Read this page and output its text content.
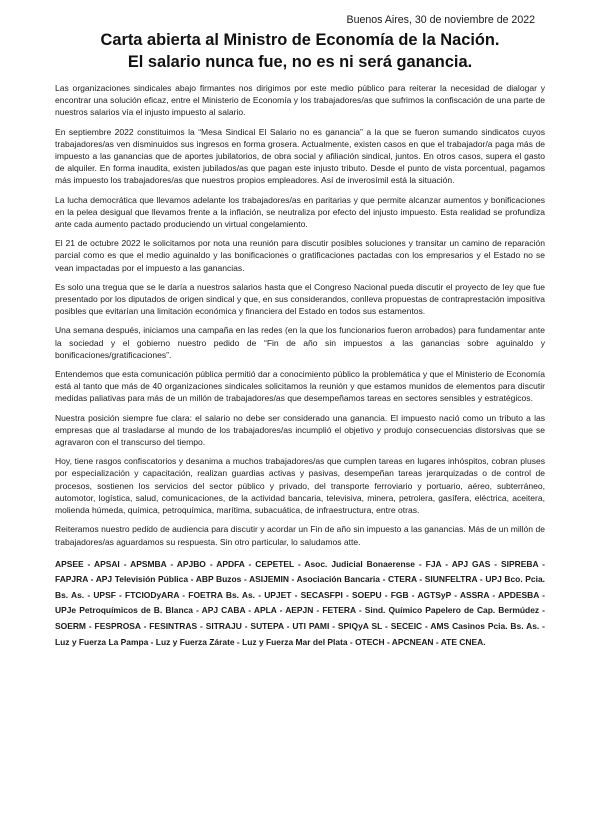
Buenos Aires, 30 de noviembre de 2022
Carta abierta al Ministro de Economía de la Nación.
El salario nunca fue, no es ni será ganancia.

Las organizaciones sindicales abajo firmantes nos dirigimos por este medio público para reiterar la necesidad de dialogar y encontrar una solución eficaz, entre el Ministerio de Economía y los trabajadores/as que sufrimos la confiscación de una parte de nuestros salarios vía el injusto impuesto al salario.

En septiembre 2022 constituimos la “Mesa Sindical El Salario no es ganancia” a la que se fueron sumando sindicatos cuyos trabajadores/as ven disminuidos sus ingresos en forma grosera. Actualmente, existen casos en que el trabajador/a paga más de impuesto a las ganancias que de aportes jubilatorios, de obra social y afiliación sindical, juntos. En otros casos, supera el gasto de alquiler. En forma inaudita, existen jubilados/as que pagan este injusto tributo. Desde el punto de vista porcentual, pagamos más impuesto los trabajadores/as que nuestros propios empleadores. Así de inverosímil está la situación.

La lucha democrática que llevamos adelante los trabajadores/as en paritarias y que permite alcanzar aumentos y bonificaciones en la pelea desigual que llevamos frente a la inflación, se neutraliza por efecto del injusto impuesto. Esta realidad se profundiza ante cada aumento pactado produciendo un virtual congelamiento.

El 21 de octubre 2022 le solicitamos por nota una reunión para discutir posibles soluciones y transitar un camino de reparación parcial como es que el medio aguinaldo y las bonificaciones o gratificaciones pactadas con los empresarios y el Estado no se vean impactadas por el impuesto a las ganancias.

Es solo una tregua que se le daría a nuestros salarios hasta que el Congreso Nacional pueda discutir el proyecto de ley que fue presentado por los diputados de origen sindical y que, en sus considerandos, conlleva propuestas de contraprestación impositiva posibles que evitarían una limitación económica y financiera del Estado en todos sus estamentos.

Una semana después, iniciamos una campaña en las redes (en la que los funcionarios fueron arrobados) para fundamentar ante la sociedad y el gobierno nuestro pedido de “Fin de año sin impuestos a las ganancias sobre aguinaldo y bonificaciones/gratificaciones”.

Entendemos que esta comunicación pública permitió dar a conocimiento público la problemática y que el Ministerio de Economía está al tanto que más de 40 organizaciones sindicales solicitamos la reunión y que estamos munidos de elementos para discutir medidas paliativas para más de un millón de trabajadores/as que desempeñamos tareas en sectores sensibles y estratégicos.

Nuestra posición siempre fue clara: el salario no debe ser considerado una ganancia. El impuesto nació como un tributo a las empresas que al trasladarse al mundo de los trabajadores/as incumplió el objetivo y produjo consecuencias distorsivas que se agravaron con el transcurso del tiempo.

Hoy, tiene rasgos confiscatorios y desanima a muchos trabajadores/as que cumplen tareas en lugares inhóspitos, cobran pluses por especialización y capacitación, realizan guardias activas y pasivas, desempeñan tareas jerarquizadas o de control de procesos, sostienen los servicios del sector público y privado, del transporte ferroviario y portuario, aéreo, subterráneo, automotor, logística, salud, comunicaciones, de la actividad bancaria, televisiva, minera, petrolera, gasífera, eléctrica, aceitera, molienda húmeda, química, petroquímica, marítima, subacuática, de infraestructura, entre otras.

Reiteramos nuestro pedido de audiencia para discutir y acordar un Fin de año sin impuesto a las ganancias. Más de un millón de trabajadores/as aguardamos su respuesta. Sin otro particular, lo saludamos atte.

APSEE - APSAI - APSMBA - APJBO - APDFA - CEPETEL - Asoc. Judicial Bonaerense - FJA - APJ GAS - SIPREBA - FAPJRA - APJ Televisión Pública - ABP Buzos - ASIJEMIN - Asociación Bancaria - CTERA - SIUNFELTRA - UPJ Bco. Pcia. Bs. As. - UPSF - FTCIODyARA - FOETRA Bs. As. - UPJET - SECASFPI - SOEPU - FGB - AGTSyP - ASSRA - APDESBA - UPJe Petroquímicos de B. Blanca - APJ CABA - APLA - AEPJN - FETERA - Sind. Químico Papelero de Cap. Bermúdez - SOERM - FESPROSA - FESINTRAS - SITRAJU - SUTEPA - UTI PAMI - SPIQyA SL - SECEIC - AMS Casinos Pcia. Bs. As. - Luz y Fuerza La Pampa - Luz y Fuerza Zárate - Luz y Fuerza Mar del Plata - OTECH - APCNEAN - ATE CNEA.
